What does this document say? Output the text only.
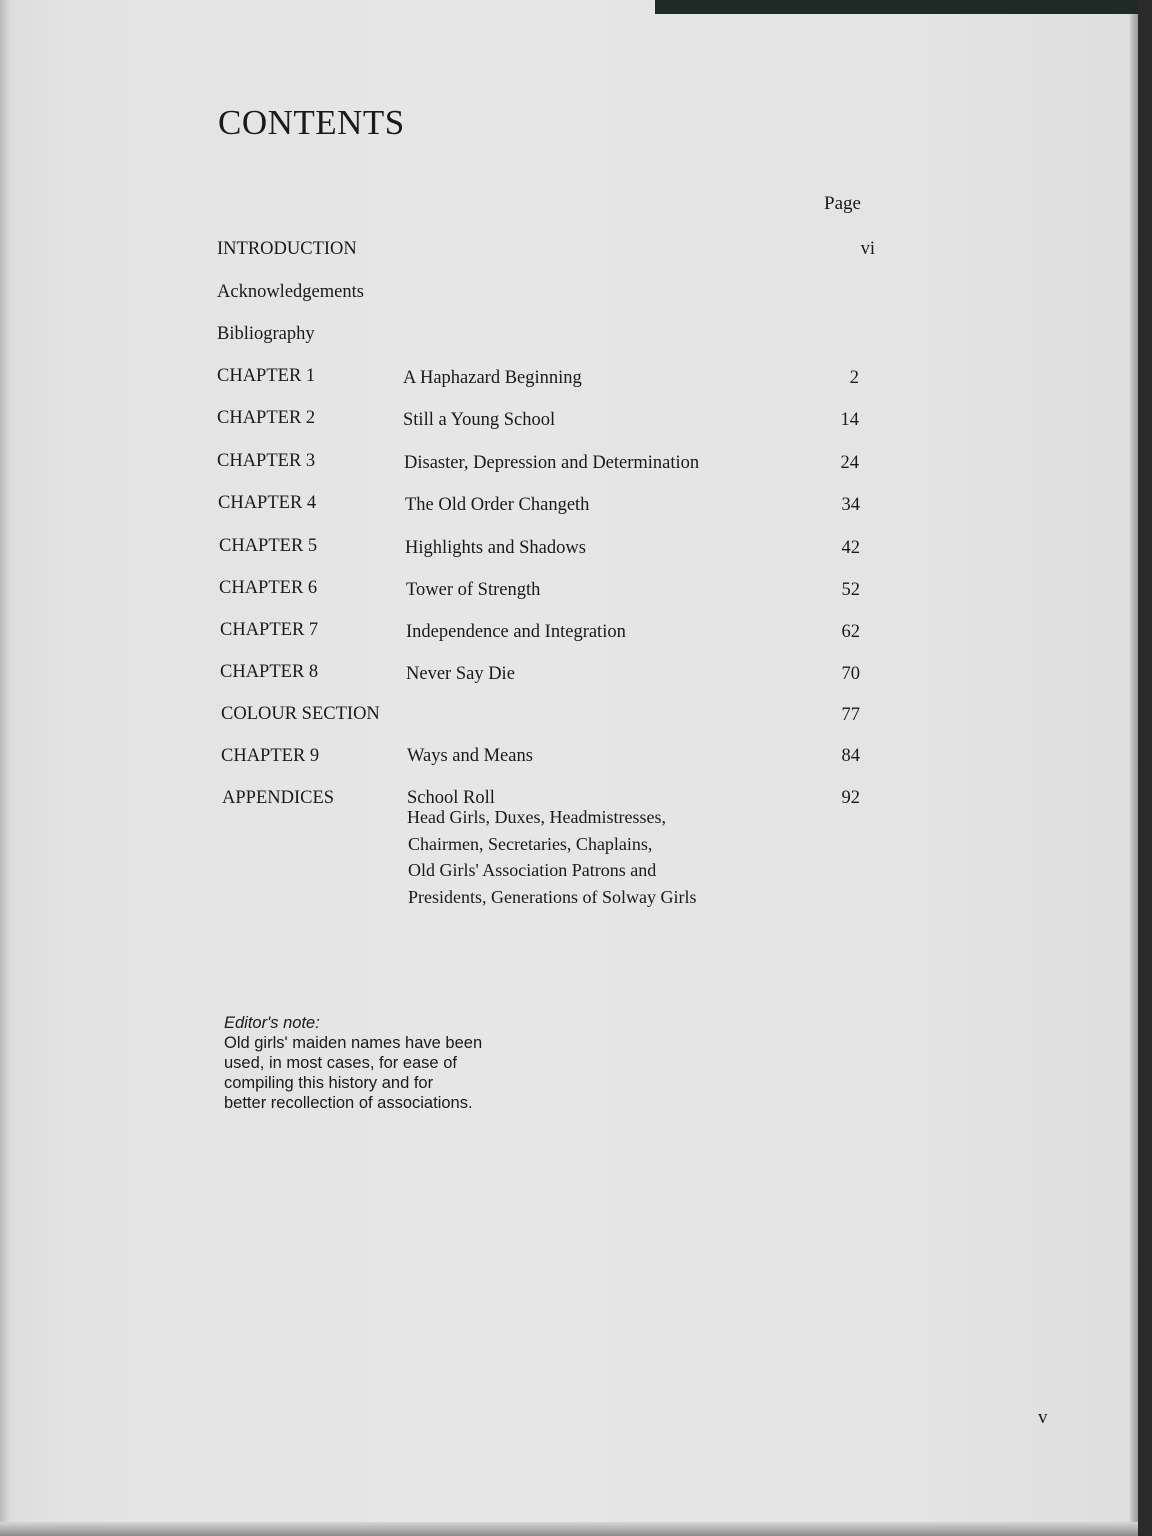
CONTENTS
Page
INTRODUCTION	vi
Acknowledgements
Bibliography
CHAPTER 1	A Haphazard Beginning	2
CHAPTER 2	Still a Young School	14
CHAPTER 3	Disaster, Depression and Determination	24
CHAPTER 4	The Old Order Changeth	34
CHAPTER 5	Highlights and Shadows	42
CHAPTER 6	Tower of Strength	52
CHAPTER 7	Independence and Integration	62
CHAPTER 8	Never Say Die	70
COLOUR SECTION	77
CHAPTER 9	Ways and Means	84
APPENDICES	School Roll	92
Head Girls, Duxes, Headmistresses,
Chairmen, Secretaries, Chaplains,
Old Girls' Association Patrons and
Presidents, Generations of Solway Girls
Editor's note:
Old girls' maiden names have been
used, in most cases, for ease of
compiling this history and for
better recollection of associations.
v
